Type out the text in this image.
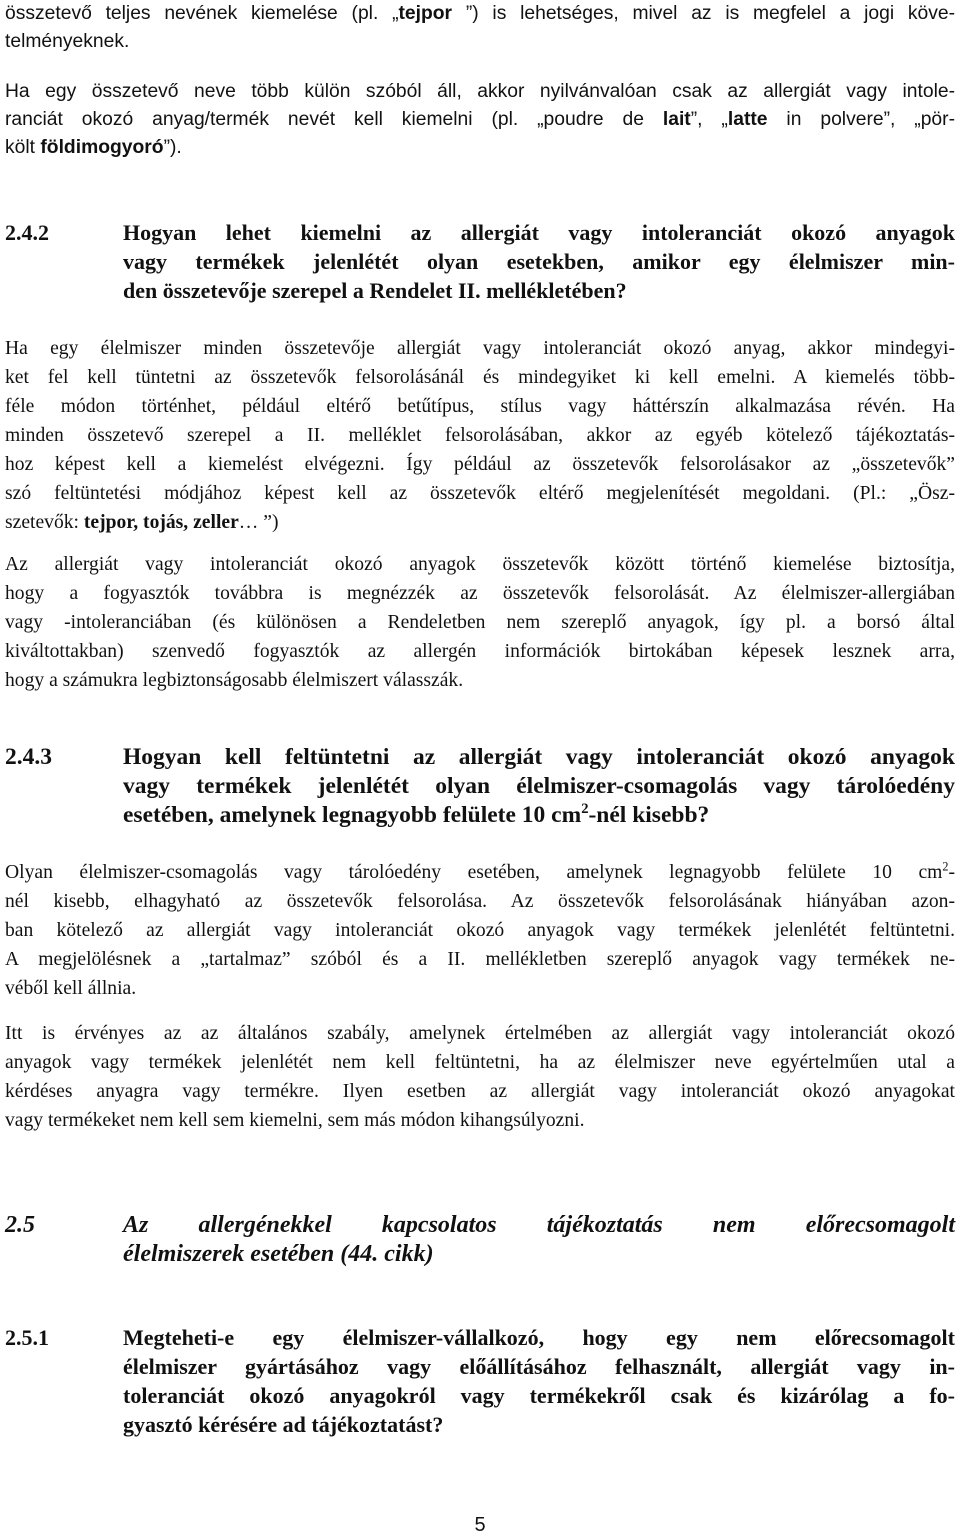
összetevő teljes nevének kiemelése (pl. „tejpor ”) is lehetséges, mivel az is megfelel a jogi köve-
telményeknek.
Ha egy összetevő neve több külön szóból áll, akkor nyilvánvalóan csak az allergiát vagy intole-
ranciát okozó anyag/termék nevét kell kiemelni (pl. „poudre de lait”, „latte in polvere”, „pör-
költ földimogyoró”).
2.4.2	Hogyan lehet kiemelni az allergiát vagy intoleranciát okozó anyagok
vagy termékek jelenlétét olyan esetekben, amikor egy élelmiszer min-
den összetevője szerepel a Rendelet II. mellékletében?
Ha egy élelmiszer minden összetevője allergiát vagy intoleranciát okozó anyag, akkor mindegyi-
ket fel kell tüntetni az összetevők felsorolásánál és mindegyiket ki kell emelni. A kiemelés több-
féle módon történhet, például eltérő betűtípus, stílus vagy háttérszín alkalmazása révén. Ha
minden összetevő szerepel a II. melléklet felsorolásában, akkor az egyéb kötelező tájékoztatás-
hoz képest kell a kiemelést elvégezni. Így például az összetevők felsorolásakor az „összetevők”
szó feltüntetési módjához képest kell az összetevők eltérő megjelenítését megoldani. (Pl.: „Ösz-
szetevők: tejpor, tojás, zeller… ”)
Az allergiát vagy intoleranciát okozó anyagok összetevők között történő kiemelése biztosítja,
hogy a fogyasztók továbbra is megnézzék az összetevők felsorolását. Az élelmiszer-allergiában
vagy -intoleranciában (és különösen a Rendeletben nem szereplő anyagok, így pl. a borsó által
kiváltottakban) szenvedő fogyasztók az allergén információk birtokában képesek lesznek arra,
hogy a számukra legbiztonságosabb élelmiszert válasszák.
2.4.3	Hogyan kell feltüntetni az allergiát vagy intoleranciát okozó anyagok
vagy termékek jelenlétét olyan élelmiszer-csomagolás vagy tárolóedény
esetében, amelynek legnagyobb felülete 10 $cm^2$-nél kisebb?
Olyan élelmiszer-csomagolás vagy tárolóedény esetében, amelynek legnagyobb felülete 10 $cm^2-$
nél kisebb, elhagyható az összetevők felsorolása. Az összetevők felsorolásának hiányában azon-
ban kötelező az allergiát vagy intoleranciát okozó anyagok vagy termékek jelenlétét feltüntetni.
A megjelölésnek a „tartalmaz” szóból és a II. mellékletben szereplő anyagok vagy termékek ne-
véből kell állnia.
Itt is érvényes az az általános szabály, amelynek értelmében az allergiát vagy intoleranciát okozó
anyagok vagy termékek jelenlétét nem kell feltüntetni, ha az élelmiszer neve egyértelműen utal a
kérdéses anyagra vagy termékre. Ilyen esetben az allergiát vagy intoleranciát okozó anyagokat
vagy termékeket nem kell sem kiemelni, sem más módon kihangsúlyozni.
2.5	Az allergénekkel kapcsolatos tájékoztatás nem előrecsomagolt
élelmiszerek esetében (44. cikk)
2.5.1	Megteheti-e egy élelmiszer-vállalkozó, hogy egy nem előrecsomagolt
élelmiszer gyártásához vagy előállításához felhasznált, allergiát vagy in-
toleranciát okozó anyagokról vagy termékekről csak és kizárólag a fo-
gyasztó kérésére ad tájékoztatást?
5
